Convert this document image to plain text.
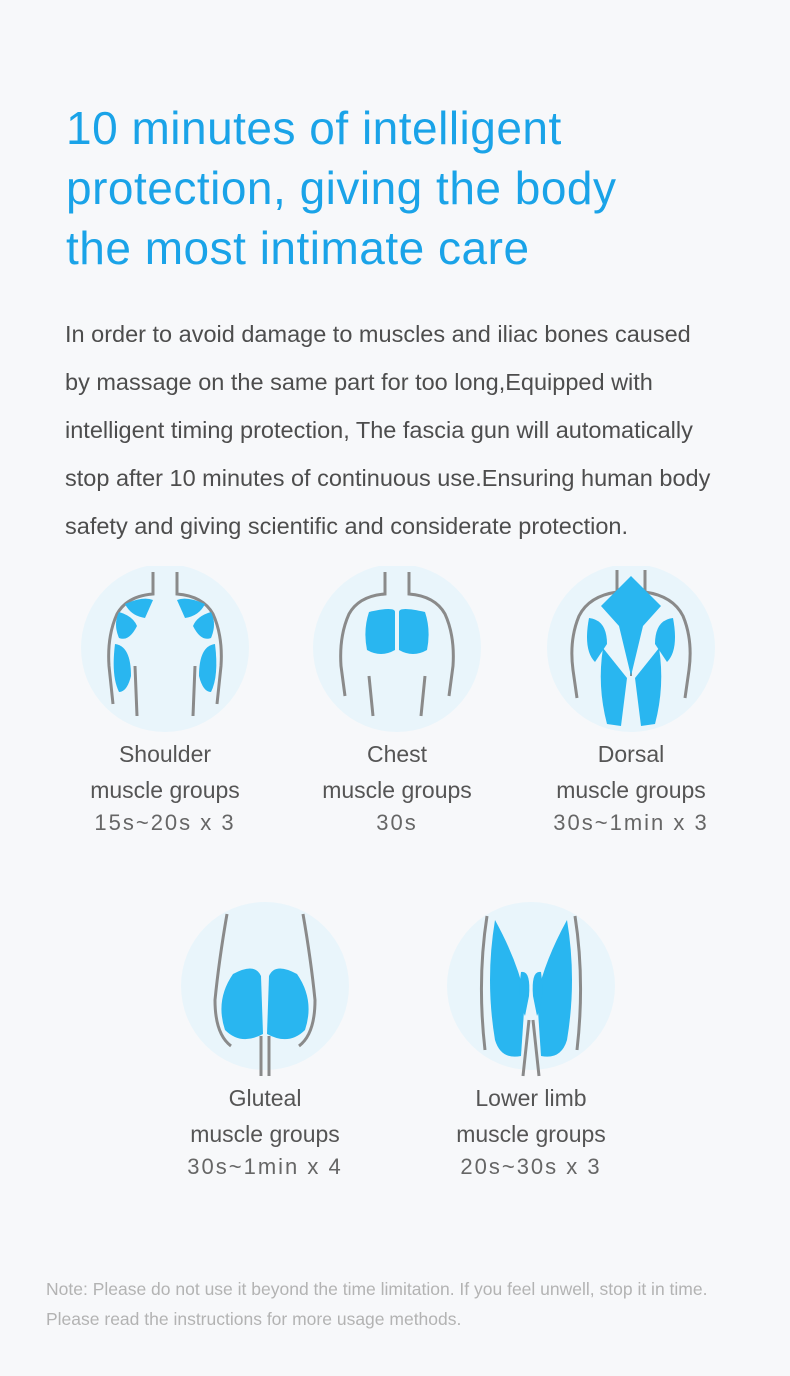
10 minutes of intelligent
protection, giving the body
the most intimate care
In order to avoid damage to muscles and iliac bones caused
by massage on the same part for too long,Equipped with
intelligent timing protection, The fascia gun will automatically
stop after 10 minutes of continuous use.Ensuring human body
safety and giving scientific and considerate protection.
Shoulder
muscle groups
15s~20s x 3
Chest
muscle groups
30s
Dorsal
muscle groups
30s~1min x 3
Gluteal
muscle groups
30s~1min x 4
Lower limb
muscle groups
20s~30s x 3
Note: Please do not use it beyond the time limitation. If you feel unwell, stop it in time.
Please read the instructions for more usage methods.
